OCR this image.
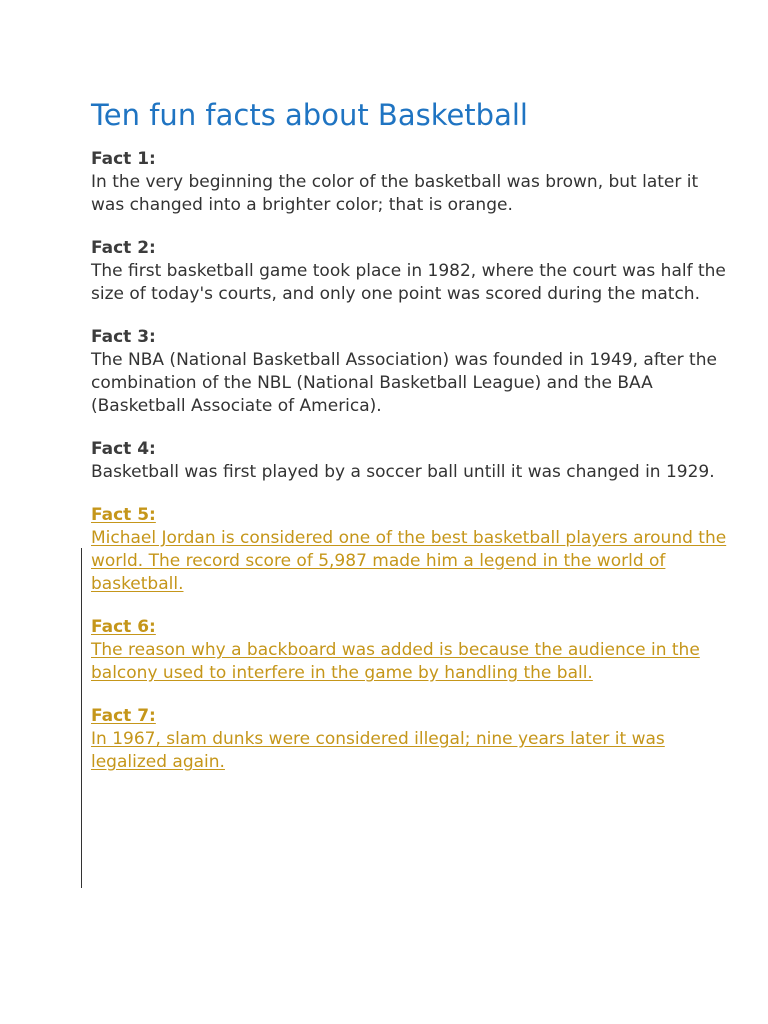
Ten fun facts about Basketball
Fact 1:

In the very beginning the color of the basketball was brown, but later it was changed into a brighter color; that is orange.

Fact 2:

The first basketball game took place in 1982, where the court was half the size of today's courts, and only one point was scored during the match.

Fact 3:

The NBA (National Basketball Association) was founded in 1949, after the combination of the NBL (National Basketball League) and the BAA (Basketball Associate of America).

Fact 4:

Basketball was first played by a soccer ball untill it was changed in 1929.

Fact 5:

Michael Jordan is considered one of the best basketball players around the world. The record score of 5,987 made him a legend in the world of basketball.

Fact 6:

The reason why a backboard was added is because the audience in the balcony used to interfere in the game by handling the ball.

Fact 7:

In 1967, slam dunks were considered illegal; nine years later it was legalized again.
